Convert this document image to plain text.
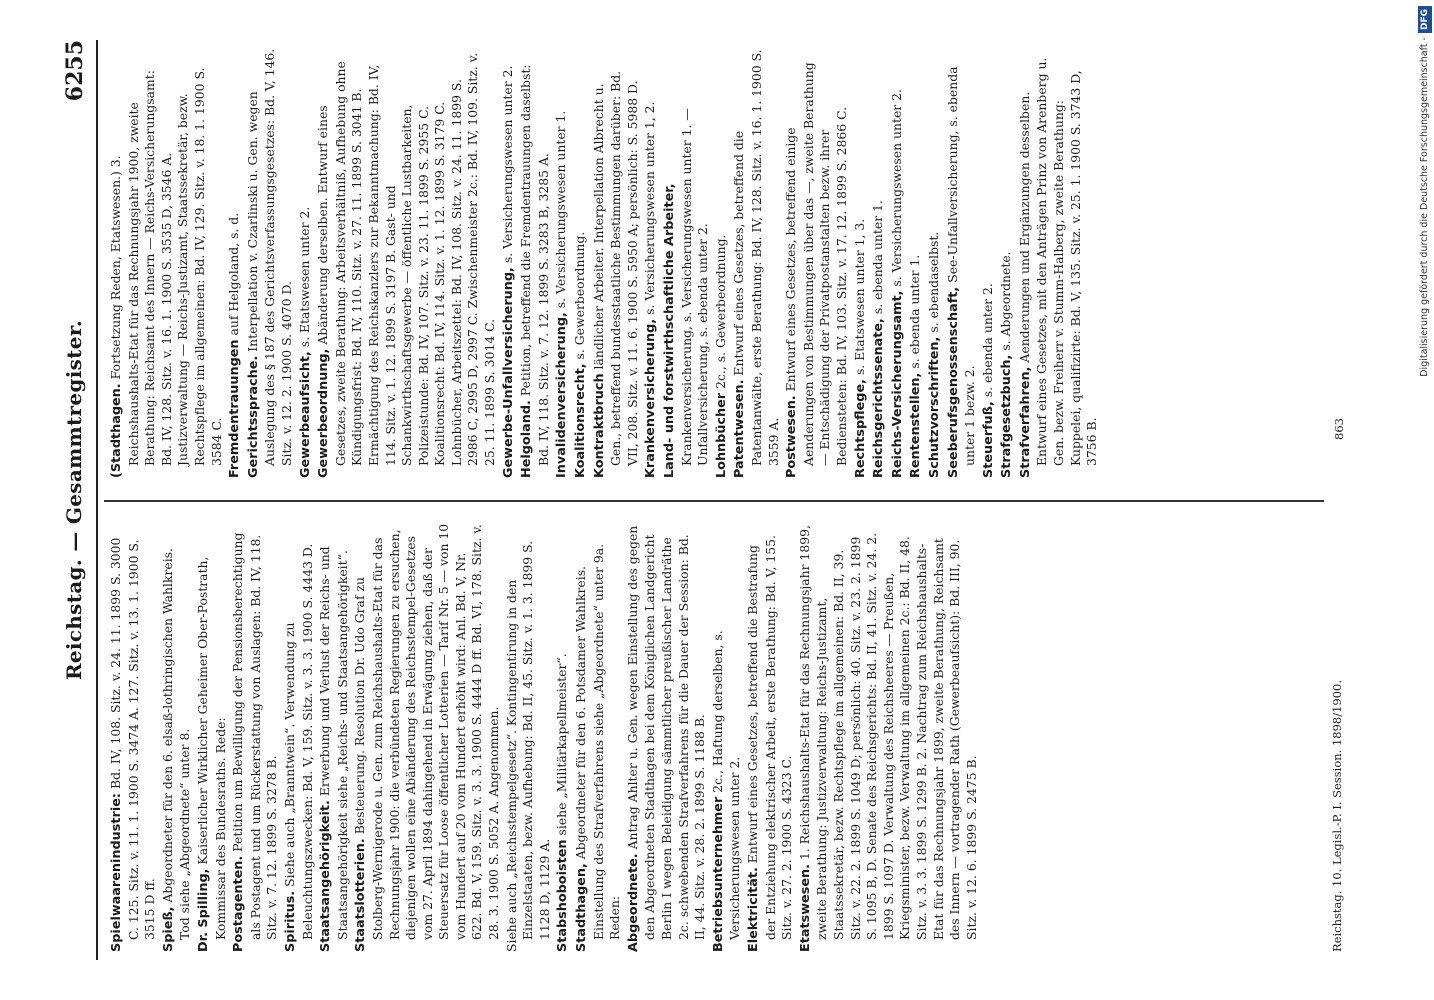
Reichstag. — Gesammtregister.
6255
Spielwaarenindustrie: Bd. IV, 108. Sitz. v. 24. 11. 1899 S. 3000 C. 125. Sitz. v. 11. 1. 1900 S. 3474 A. 127. Sitz. v. 13. 1. 1900 S. 3515 D ff. Spieß, Abgeordneter für den 6. elsaß-lothringischen Wahlkreis. Tod siehe „Abgeordnete“ unter 8. Dr. Spilling, Kaiserlicher Wirklicher Geheimer Ober-Postrath, Kommissar des Bundesraths. Rede: Postagenten. Petition um Bewilligung der Pensionsberechtigung als Postagent und um Rückerstattung von Auslagen: Bd. IV, 118. Sitz. v. 7. 12. 1899 S. 3278 B. Spiritus. Siehe auch „Branntwein“. Verwendung zu Beleuchtungszwecken: Bd. V, 159. Sitz. v. 3. 3. 1900 S. 4443 D. Staatsangehörigkeit. Erwerbung und Verlust der Reichs- und Staatsangehörigkeit siehe „Reichs- und Staatsangehörigkeit“. Staatslotterien. Besteuerung. Resolution Dr. Udo Graf zu Stolberg-Wernigerode u. Gen. zum Reichshaushalts-Etat für das Rechnungsjahr 1900: die verbündeten Regierungen zu ersuchen, diejenigen wollen eine Abänderung des Reichsstempel-Gesetzes vom 27. April 1894 dahingehend in Erwägung ziehen, daß der Steuersatz für Loose öffentlicher Lotterien — Tarif Nr. 5 — von 10 vom Hundert auf 20 vom Hundert erhöht wird: Anl. Bd. V, Nr. 622. Bd. V, 159. Sitz. v. 3. 3. 1900 S. 4444 D ff. Bd. VI, 178. Sitz. v. 28. 3. 1900 S. 5052 A. Angenommen. Siehe auch „Reichsstempelgesetz“. Kontingentirung in den Einzelstaaten, bezw. Aufhebung: Bd. II, 45. Sitz. v. 1. 3. 1899 S. 1128 D, 1129 A. Stabshoboisten siehe „Militärkapellmeister“.
Stadthagen, Abgeordneter für den 6. Potsdamer Wahlkreis. Einstellung des Strafverfahrens siehe „Abgeordnete“ unter 9a. Reden: Abgeordnete. Antrag Ahlter u. Gen. wegen Einstellung des gegen den Abgeordneten Stadthagen bei dem Königlichen Landgericht Berlin I wegen Beleidigung sämmtlicher preußischer Landräthe 2c. schwebenden Strafverfahrens für die Dauer der Session: Bd. II, 44. Sitz. v. 28. 2. 1899 S. 1188 B. Betriebsunternehmer 2c., Haftung derselben, s. Versicherungswesen unter 2. Elektricität. Entwurf eines Gesetzes, betreffend die Bestrafung der Entziehung elektrischer Arbeit, erste Berathung: Bd. V, 155. Sitz. v. 27. 2. 1900 S. 4323 C. Etatswesen. 1. Reichshaushalts-Etat für das Rechnungsjahr 1899, zweite Berathung: Justizverwaltung: Reichs-Justizamt, Staatssekretär, bezw. Rechtspflege im allgemeinen: Bd. II, 39. Sitz. v. 22. 2. 1899 S. 1049 D; persönlich: 40. Sitz. v. 23. 2. 1899 S. 1095 B, D. Senate des Reichsgerichts: Bd. II, 41. Sitz. v. 24. 2. 1899 S. 1097 D. Verwaltung des Reichsheeres — Preußen, Kriegsminister, bezw. Verwaltung im allgemeinen 2c.: Bd. II, 48. Sitz. v. 3. 3. 1899 S. 1299 B. 2. Nachtrag zum Reichshaushalts-Etat für das Rechnungsjahr 1899, zweite Berathung, Reichsamt des Innern — vortragender Rath (Gewerbeaufsicht): Bd. III, 90. Sitz. v. 12. 6. 1899 S. 2475 B.
(Stadthagen. Fortsetzung Reden, Etatswesen.) 3. Reichshaushalts-Etat für das Rechnungsjahr 1900, zweite Berathung: Reichsamt des Innern — Reichs-Versicherungsamt: Bd. IV, 128. Sitz. v. 16. 1. 1900 S. 3535 D, 3546 A. Justizverwaltung — Reichs-Justizamt, Staatssekretär, bezw. Rechtspflege im allgemeinen: Bd. IV, 129. Sitz. v. 18. 1. 1900 S. 3584 C. Fremdentrauungen auf Helgoland, s. d.
Gerichtssprache. Interpellation v. Czarlinski u. Gen. wegen Auslegung des § 187 des Gerichtsverfassungsgesetzes: Bd. V, 146. Sitz. v. 12. 2. 1900 S. 4070 D. Gewerbeaufsicht, s. Etatswesen unter 2.
Gewerbeordnung, Abänderung derselben. Entwurf eines Gesetzes, zweite Berathung: Arbeitsverhältniß, Aufhebung ohne Kündigungsfrist: Bd. IV, 110. Sitz. v. 27. 11. 1899 S. 3041 B. Ermächtigung des Reichskanzlers zur Bekanntmachung: Bd. IV, 114. Sitz. v. 1. 12. 1899 S. 3197 B. Gast- und Schankwirthschaftsgewerbe — öffentliche Lustbarkeiten, Polizeistunde: Bd. IV, 107. Sitz. v. 23. 11. 1899 S. 2955 C. Koalitionsrecht: Bd. IV, 114. Sitz. v. 1. 12. 1899 S. 3179 C. Lohnbücher, Arbeitszettel: Bd. IV, 108. Sitz. v. 24. 11. 1899 S. 2986 C, 2995 D, 2997 C. Zwischenmeister 2c.: Bd. IV, 109. Sitz. v. 25. 11. 1899 S. 3014 C. Gewerbe-Unfallversicherung, s. Versicherungswesen unter 2.
Helgoland. Petition, betreffend die Fremdentrauungen daselbst: Bd. IV, 118. Sitz. v. 7. 12. 1899 S. 3283 B, 3285 A. Invalidenversicherung, s. Versicherungswesen unter 1.
Koalitionsrecht, s. Gewerbeordnung.
Kontraktbruch ländlicher Arbeiter. Interpellation Albrecht u. Gen., betreffend bundesstaatliche Bestimmungen darüber: Bd. VII, 208. Sitz. v. 11. 6. 1900 S. 5950 A; persönlich: S. 5988 D. Krankenversicherung, s. Versicherungswesen unter 1, 2. Land- und forstwirthschaftliche Arbeiter, Krankenversicherung, s. Versicherungswesen unter 1. — Unfallversicherung, s. ebenda unter 2. Lohnbücher 2c., s. Gewerbeordnung.
Patentwesen. Entwurf eines Gesetzes, betreffend die Patentanwälte, erste Berathung: Bd. IV, 128. Sitz. v. 16. 1. 1900 S. 3559 A. Postwesen. Entwurf eines Gesetzes, betreffend einige Aenderungen von Bestimmungen über das —, zweite Berathung — Entschädigung der Privatpostanstalten bezw. ihrer Bediensteten: Bd. IV, 103. Sitz. v. 17. 12. 1899 S. 2866 C. Rechtspflege, s. Etatswesen unter 1, 3.
Reichsgerichtssenate, s. ebenda unter 1.
Reichs-Versicherungsamt, s. Versicherungswesen unter 2.
Rentenstellen, s. ebenda unter 1.
Schutzvorschriften, s. ebendaselbst.
Seeberufsgenossenschaft, See-Unfallversicherung, s. ebenda unter 1 bezw. 2. Steuerfuß, s. ebenda unter 2.
Strafgesetzbuch, s. Abgeordnete.
Strafverfahren, Aenderungen und Ergänzungen desselben. Entwurf eines Gesetzes, mit den Anträgen Prinz von Arenberg u. Gen. bezw. Freiherr v. Stumm-Halberg, zweite Berathung: Kuppelei, qualifizirte: Bd. V, 135. Sitz. v. 25. 1. 1900 S. 3743 D, 3756 B.
Reichstag. 10. Legisl.-P. I. Session. 1898/1900.
863
Digitalisierung gefördert durch die Deutsche Forschungsgemeinschaft -DFG
